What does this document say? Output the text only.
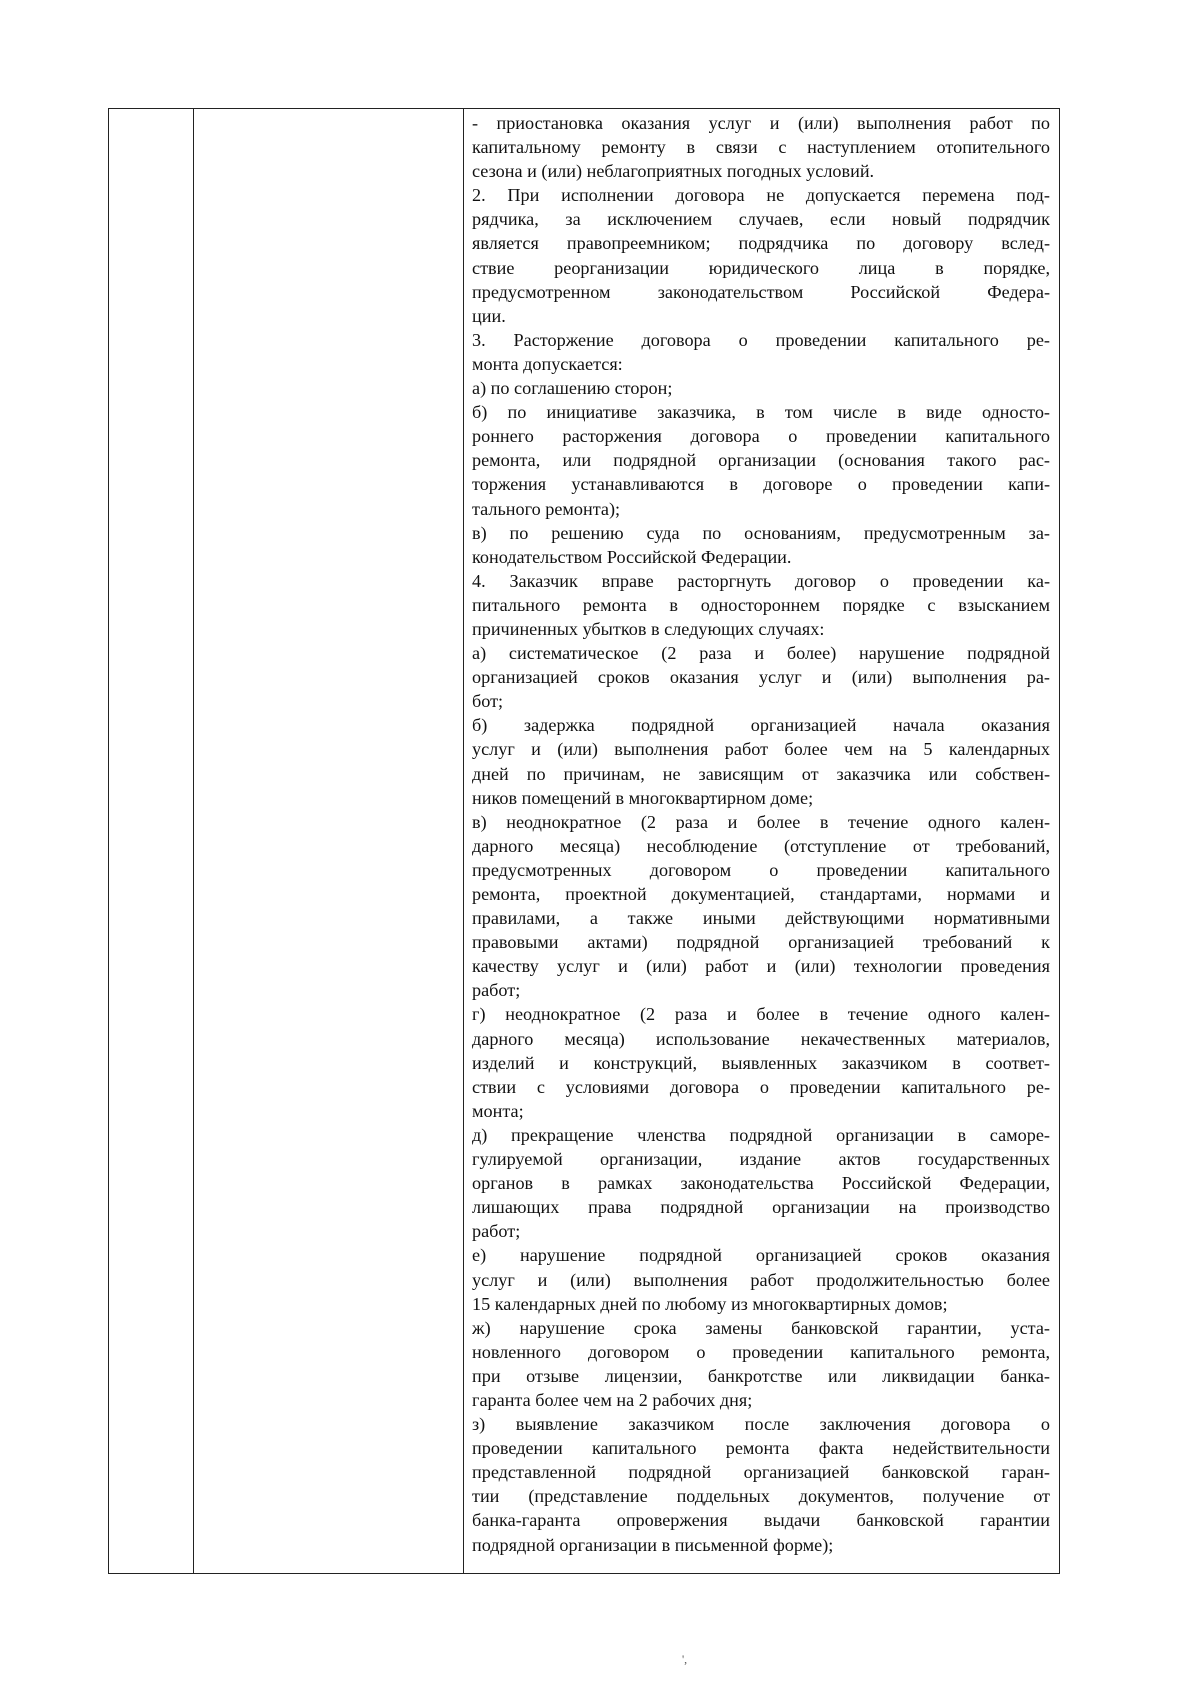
- приостановка оказания услуг и (или) выполнения работ по
капитальному ремонту в связи с наступлением отопительного
сезона и (или) неблагоприятных погодных условий.
2. При исполнении договора не допускается перемена под-
рядчика, за исключением случаев, если новый подрядчик
является правопреемником; подрядчика по договору вслед-
ствие реорганизации юридического лица в порядке,
предусмотренном законодательством Российской Федера-
ции.
3. Расторжение договора о проведении капитального ре-
монта допускается:
а) по соглашению сторон;
б) по инициативе заказчика, в том числе в виде односто-
роннего расторжения договора о проведении капитального
ремонта, или подрядной организации (основания такого рас-
торжения устанавливаются в договоре о проведении капи-
тального ремонта);
в) по решению суда по основаниям, предусмотренным за-
конодательством Российской Федерации.
4. Заказчик вправе расторгнуть договор о проведении ка-
питального ремонта в одностороннем порядке с взысканием
причиненных убытков в следующих случаях:
а) систематическое (2 раза и более) нарушение подрядной
организацией сроков оказания услуг и (или) выполнения ра-
бот;
б) задержка подрядной организацией начала оказания
услуг и (или) выполнения работ более чем на 5 календарных
дней по причинам, не зависящим от заказчика или собствен-
ников помещений в многоквартирном доме;
в) неоднократное (2 раза и более в течение одного кален-
дарного месяца) несоблюдение (отступление от требований,
предусмотренных договором о проведении капитального
ремонта, проектной документацией, стандартами, нормами и
правилами, а также иными действующими нормативными
правовыми актами) подрядной организацией требований к
качеству услуг и (или) работ и (или) технологии проведения
работ;
г) неоднократное (2 раза и более в течение одного кален-
дарного месяца) использование некачественных материалов,
изделий и конструкций, выявленных заказчиком в соответ-
ствии с условиями договора о проведении капитального ре-
монта;
д) прекращение членства подрядной организации в саморе-
гулируемой организации, издание актов государственных
органов в рамках законодательства Российской Федерации,
лишающих права подрядной организации на производство
работ;
е) нарушение подрядной организацией сроков оказания
услуг и (или) выполнения работ продолжительностью более
15 календарных дней по любому из многоквартирных домов;
ж) нарушение срока замены банковской гарантии, уста-
новленного договором о проведении капитального ремонта,
при отзыве лицензии, банкротстве или ликвидации банка-
гаранта более чем на 2 рабочих дня;
з) выявление заказчиком после заключения договора о
проведении капитального ремонта факта недействительности
представленной подрядной организацией банковской гаран-
тии (представление поддельных документов, получение от
банка-гаранта опровержения выдачи банковской гарантии
подрядной организации в письменной форме);
',
